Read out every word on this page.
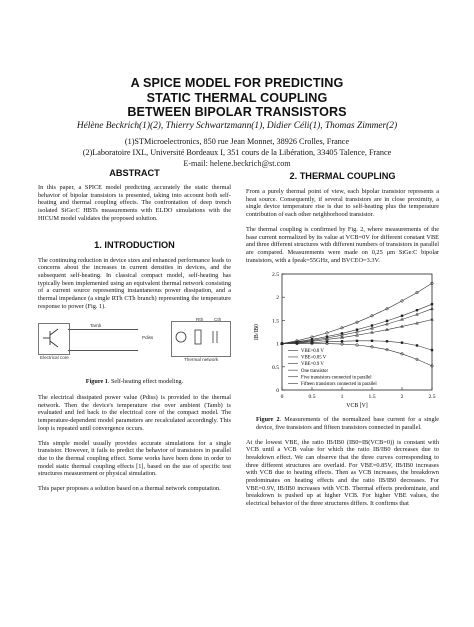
A SPICE MODEL FOR PREDICTING
STATIC THERMAL COUPLING
BETWEEN BIPOLAR TRANSISTORS
Hélène Beckrich(1)(2), Thierry Schwartzmann(1), Didier Céli(1), Thomas Zimmer(2)
(1)STMicroelectronics, 850 rue Jean Monnet, 38926 Crolles, France
(2)Laboratoire IXL, Université Bordeaux I, 351 cours de la Libération, 33405 Talence, France
E-mail: helene.beckrich@st.com
ABSTRACT

In this paper, a SPICE model predicting accurately the static thermal behavior of bipolar transistors is presented, taking into account both self-heating and thermal coupling effects. The confrontation of deep trench isolated SiGe:C HBTs measurements with ELDO simulations with the HICUM model validates the proposed solution.

1. INTRODUCTION

The continuing reduction in device sizes and enhanced performance leads to concerns about the increases in current densities in devices, and the subsequent self-heating. In classical compact model, self-heating has typically been implemented using an equivalent thermal network consisting of a current source representing instantaneous power dissipation, and a thermal impedance (a single RTh CTh branch) representing the temperature response to power (Fig. 1).

Electrical core
Tamb
Pdiss
Rth Cth
Thermal network
Figure 1. Self-heating effect modeling.

The electrical dissipated power value (Pdiss) is provided to the thermal network. Then the device's temperature rise over ambient (Tamb) is evaluated and fed back to the electrical core of the compact model. The temperature-dependent model parameters are recalculated accordingly. This loop is repeated until convergence occurs.

This simple model usually provides accurate simulations for a single transistor. However, it fails to predict the behavior of transistors in parallel due to the thermal coupling effect. Some works have been done in order to model static thermal coupling effects [1], based on the use of specific test structures measurement or physical simulation.

This paper proposes a solution based on a thermal network computation.

2. THERMAL COUPLING

From a purely thermal point of view, each bipolar transistor represents a heat source. Consequently, if several transistors are in close proximity, a single device temperature rise is due to self-heating plus the temperature contribution of each other neighborhood transistor.

The thermal coupling is confirmed by Fig. 2, where measurements of the base current normalized by its value at VCB=0V for different constant VBE and three different structures with different numbers of transistors in parallel are compared. Measurements were made on 0,25 µm SiGe:C bipolar transistors, with a fpeak=55GHz, and BVCEO=3.3V.

0	0.5	1	1.5	2	2.5
0
0.5
1
1.5
2
2.5
VCB [V]
IB/IB0
VBE=0.8 V
VBE=0.85 V
VBE=0.9 V
One transistor
Five transistors connected in parallel
Fifteen transistors connected in parallel
Figure 2. Measurements of the normalized base current for a single device, five transistors and fifteen transistors connected in parallel.

At the lowest VBE, the ratio IB/IB0 (IB0=IB(VCB=0)) is constant with VCB until a VCB value for which the ratio IB/IB0 decreases due to breakdown effect. We can observe that the three curves corresponding to three different structures are overlaid. For VBE=0.85V, IB/IB0 increases with VCB due to heating effects. Then as VCB increases, the breakdown predominates on heating effects and the ratio IB/IB0 decreases. For VBE=0.9V, IB/IB0 increases with VCB. Thermal effects predominate, and breakdown is pushed up at higher VCB. For higher VBE values, the electrical behavior of the three structures differs. It confirms that
